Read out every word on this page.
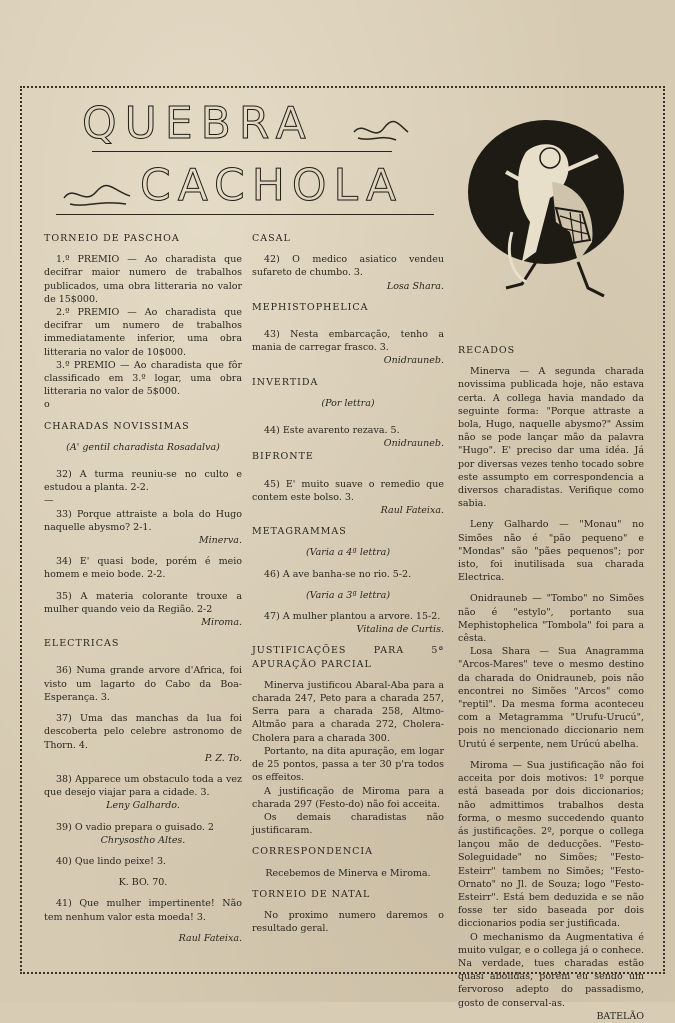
QUEBRA
CACHOLA

TORNEIO DE PASCHOA

1.º PREMIO — Ao charadista que decifrar maior numero de trabalhos publicados, uma obra litteraria no valor de 15$000.

2.º PREMIO — Ao charadista que decifrar um numero de trabalhos immediatamente inferior, uma obra litteraria no valor de 10$000.

3.º PREMIO — Ao charadista que fôr classificado em 3.º logar, uma obra litteraria no valor de 5$000.

o

CHARADAS NOVISSIMAS

(A' gentil charadista Rosadalva)

32) A turma reuniu-se no culto e estudou a planta. 2-2.

—

33) Porque attraiste a bola do Hugo naquelle abysmo? 2-1.

Minerva.

34) E' quasi bode, porém é meio homem e meio bode. 2-2.

35) A materia colorante trouxe a mulher quando veio da Região. 2-2

Miroma.

ELECTRICAS

36) Numa grande arvore d'Africa, foi visto um lagarto do Cabo da Boa-Esperança. 3.

37) Uma das manchas da lua foi descoberta pelo celebre astronomo de Thorn. 4.

P. Z. To.

38) Apparece um obstaculo toda a vez que desejo viajar para a cidade. 3.

Leny Galhardo.

39) O vadio prepara o guisado. 2

Chrysostho Altes.

40) Que lindo peixe! 3.

K. BO. 70.

41) Que mulher impertinente! Não tem nenhum valor esta moeda! 3.

Raul Fateixa.

CASAL

42) O medico asiatico vendeu sufareto de chumbo. 3.

Losa Shara.

MEPHISTOPHELICA

43) Nesta embarcação, tenho a mania de carregar frasco. 3.

Onidrauneb.

INVERTIDA

(Por lettra)

44) Este avarento rezava. 5.

Onidrauneb.

BIFRONTE

45) E' muito suave o remedio que contem este bolso. 3.

Raul Fateixa.

METAGRAMMAS

(Varia a 4ª lettra)

46) A ave banha-se no rio. 5-2.

(Varia a 3ª lettra)

47) A mulher plantou a arvore. 15-2.

Vitalina de Curtis.

JUSTIFICAÇÕES PARA 5ª APURAÇÃO PARCIAL

Minerva justificou Abaral-Aba para a charada 247, Peto para a charada 257, Serra para a charada 258, Altmo-Altmão para a charada 272, Cholera-Cholera para a charada 300.

Portanto, na dita apuração, em logar de 25 pontos, passa a ter 30 p'ra todos os effeitos.

A justificação de Miroma para a charada 297 (Festo-do) não foi acceita.

Os demais charadistas não justificaram.

CORRESPONDENCIA

Recebemos de Minerva e Miroma.

TORNEIO DE NATAL

No proximo numero daremos o resultado geral.

RECADOS

Minerva — A segunda charada novissima publicada hoje, não estava certa. A collega havia mandado da seguinte forma: "Porque attraste a bola, Hugo, naquelle abysmo?" Assim não se pode lançar mão da palavra "Hugo". E' preciso dar uma idéa. Já por diversas vezes tenho tocado sobre este assumpto em correspondencia a diversos charadistas. Verifique como sabia.

Leny Galhardo — "Monau" no Simões não é "pão pequeno" e "Mondas" são "pães pequenos"; por isto, foi inutilisada sua charada Electrica.

Onidrauneb — "Tombo" no Simões não é "estylo", portanto sua Mephistophelica "Tombola" foi para a cêsta.

Losa Shara — Sua Anagramma "Arcos-Mares" teve o mesmo destino da charada do Onidrauneb, pois não encontrei no Simões "Arcos" como "reptil". Da mesma forma aconteceu com a Metagramma "Urufu-Urucú", pois no mencionado diccionario nem Urutú é serpente, nem Urúcú abelha.

Miroma — Sua justificação não foi acceita por dois motivos: 1º porque está baseada por dois diccionarios; não admittimos trabalhos desta forma, o mesmo succedendo quanto ás justificações. 2º, porque o collega lançou mão de deducções. "Festo-Soleguidade" no Simões; "Festo-Esteirr" tambem no Simões; "Festo-Ornato" no Jl. de Souza; logo "Festo-Esteirr". Está bem deduzida e se não fosse ter sido baseada por dois diccionarios podia ser justificada.

O mechanismo da Augmentativa é muito vulgar, e o collega já o conhece. Na verdade, tues charadas estão quasi abolidas, porém eu sendo um fervoroso adepto do passadismo, gosto de conserval-as.

BATELÃO
